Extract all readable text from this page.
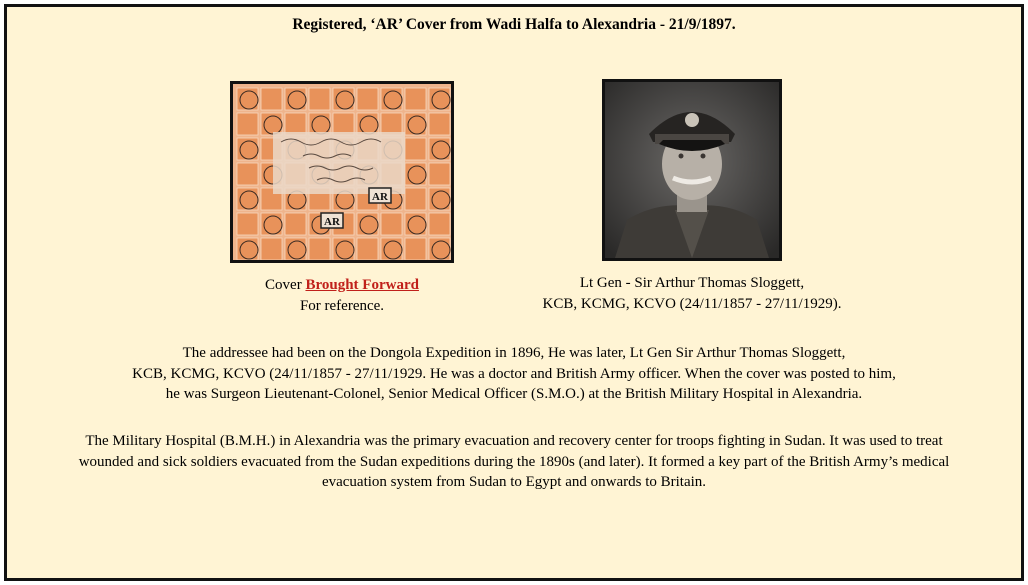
Registered, ‘AR’ Cover from Wadi Halfa to Alexandria - 21/9/1897.
AR
AR
Cover Brought Forward
For reference.
Lt Gen - Sir Arthur Thomas Sloggett,
KCB, KCMG, KCVO (24/11/1857 - 27/11/1929).
The addressee had been on the Dongola Expedition in 1896, He was later, Lt Gen Sir Arthur Thomas Sloggett,
KCB, KCMG, KCVO (24/11/1857 - 27/11/1929. He was a doctor and British Army officer. When the cover was posted to him,
he was Surgeon Lieutenant-Colonel, Senior Medical Officer (S.M.O.) at the British Military Hospital in Alexandria.
The Military Hospital (B.M.H.) in Alexandria was the primary evacuation and recovery center for troops fighting in Sudan. It was used to treat
wounded and sick soldiers evacuated from the Sudan expeditions during the 1890s (and later). It formed a key part of the British Army’s medical
evacuation system from Sudan to Egypt and onwards to Britain.
